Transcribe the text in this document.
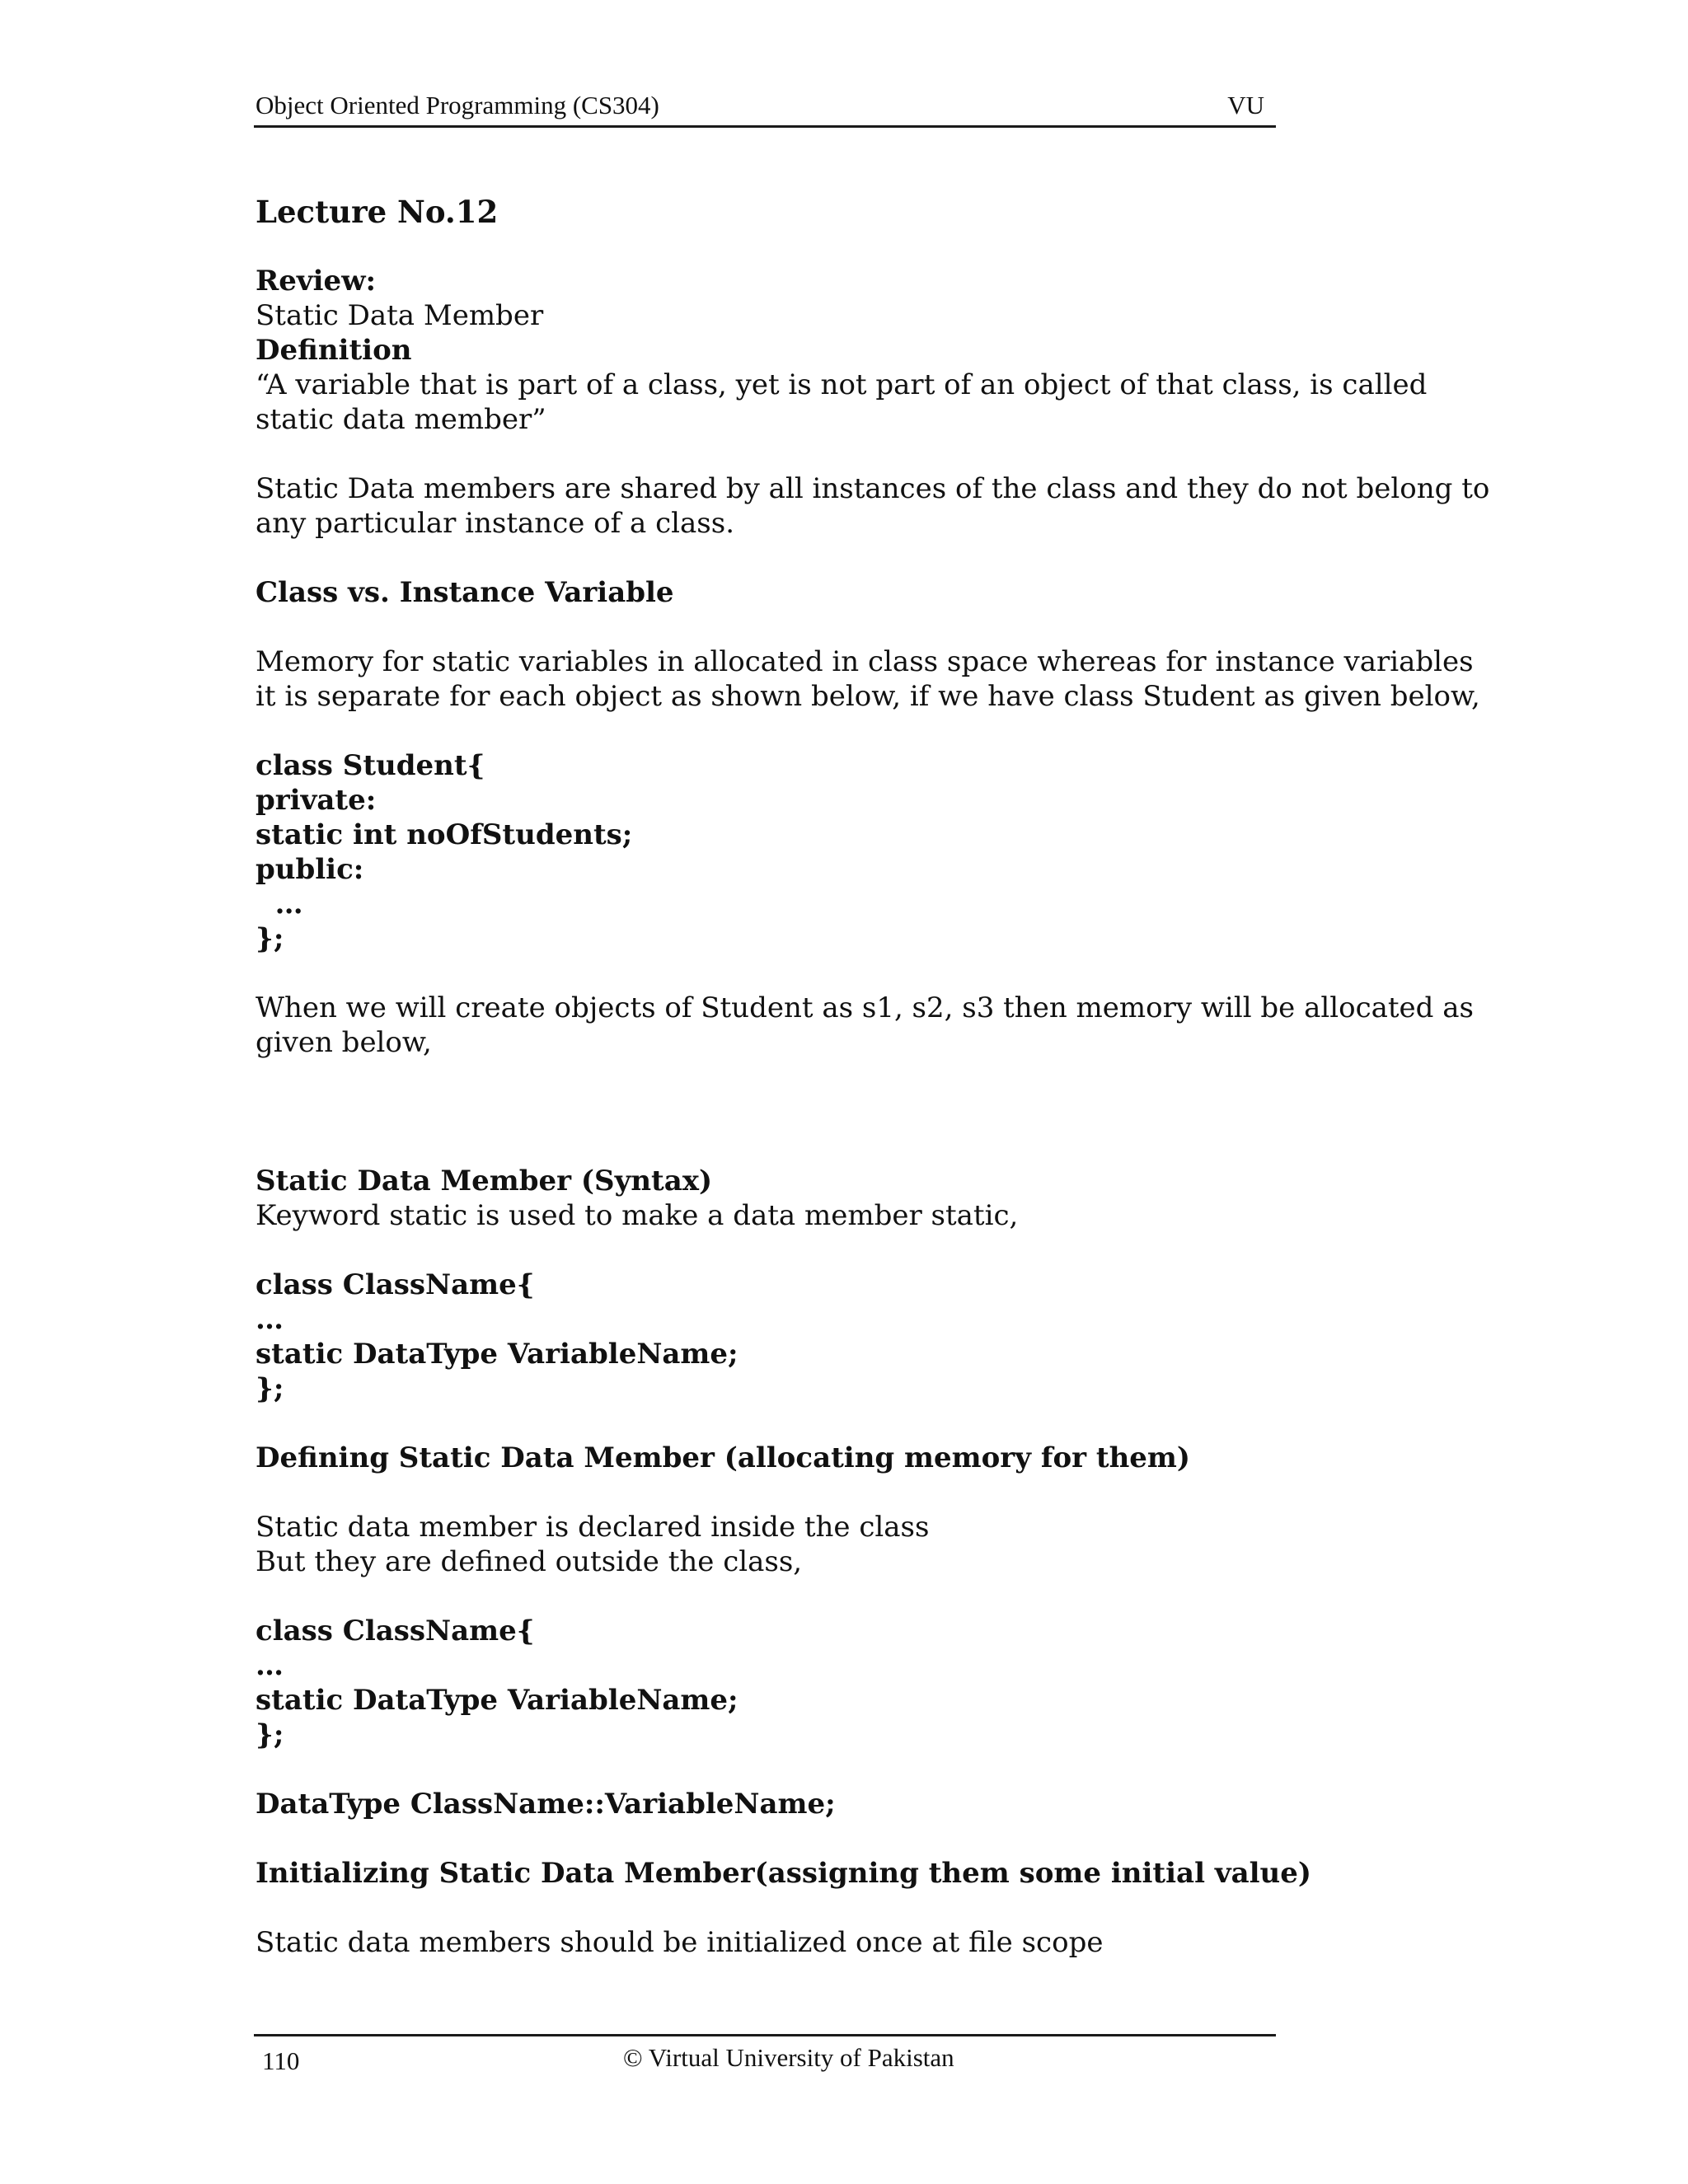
Object Oriented Programming (CS304)	VU
Lecture No.12
Review:
Static Data Member
Definition
“A variable that is part of a class, yet is not part of an object of that class, is called
static data member”
Static Data members are shared by all instances of the class and they do not belong to
any particular instance of a class.
Class vs. Instance Variable
Memory for static variables in allocated in class space whereas for instance variables
it is separate for each object as shown below, if we have class Student as given below,
class Student{
private:
static int noOfStudents;
public:
…
};
When we will create objects of Student as s1, s2, s3 then memory will be allocated as
given below,
Static Data Member (Syntax)
Keyword static is used to make a data member static,
class ClassName{
…
static DataType VariableName;
};
Defining Static Data Member (allocating memory for them)
Static data member is declared inside the class
But they are defined outside the class,
class ClassName{
…
static DataType VariableName;
};
DataType ClassName::VariableName;
Initializing Static Data Member(assigning them some initial value)
Static data members should be initialized once at file scope
110	© Virtual University of Pakistan
